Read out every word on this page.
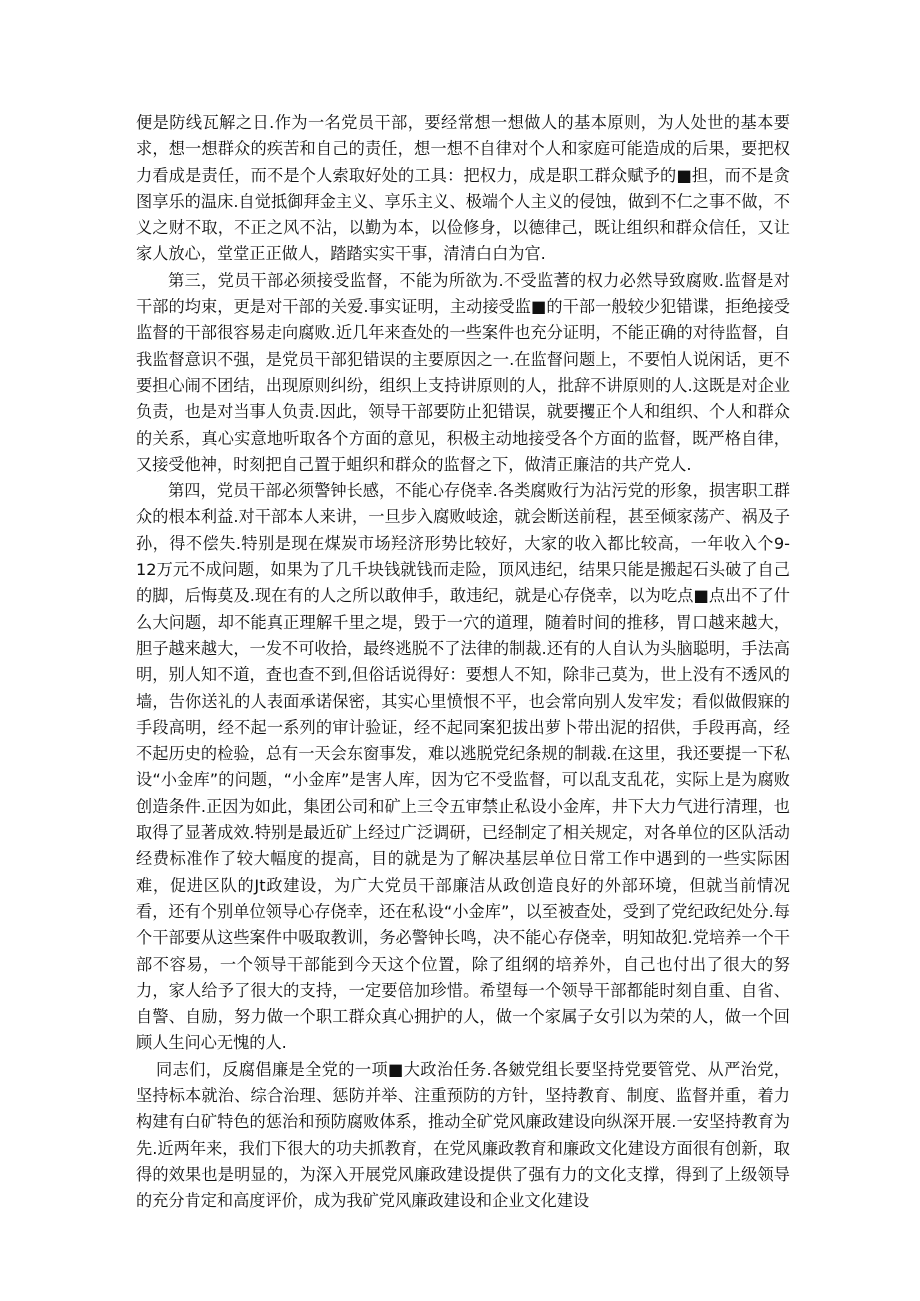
便是防线瓦解之日.作为一名党员干部，要经常想一想做人的基本原则，为人处世的基本要求，想一想群众的疾苦和自己的责任，想一想不自律对个人和家庭可能造成的后果，要把权力看成是责任，而不是个人索取好处的工具：把权力，成是职工群众赋予的■担，而不是贪图享乐的温床.自觉抵御拜金主义、享乐主义、极端个人主义的侵蚀，做到不仁之事不做，不义之财不取，不正之风不沾，以勤为本，以俭修身，以德律己，既让组织和群众信任，又让家人放心，堂堂正正做人，踏踏实实干事，清清白白为官.

第三，党员干部必须接受监督，不能为所欲为.不受监蓍的权力必然导致腐败.监督是对干部的均束，更是对干部的关爱.事实证明，主动接受监■的干部一般较少犯错谍，拒绝接受监督的干部很容易走向腐败.近几年来查处的一些案件也充分证明，不能正确的对待监督，自我监督意识不强，是党员干部犯错误的主要原因之一.在监督问题上，不要怕人说闲话，更不要担心闹不团结，出现原则纠纷，组织上支持讲原则的人，批辞不讲原则的人.这既是对企业负责，也是对当事人负责.因此，领导干部要防止犯错误，就要攫正个人和组织、个人和群众的关系，真心实意地听取各个方面的意见，积极主动地接受各个方面的监督，既严格自律，又接受他神，时刻把自己置于蛆织和群众的监督之下，做清正廉洁的共产党人.

第四，党员干部必须警钟长感，不能心存侥幸.各类腐败行为沾污党的形象，损害职工群众的根本利益.对干部本人来讲，一旦步入腐败岐途，就会断送前程，甚至倾家荡产、祸及子孙，得不偿失.特别是现在煤炭市场羟济形势比较好，大家的收入都比较高，一年收入个9-12万元不成问题，如果为了几千块钱就钱而走险，顶风违纪，结果只能是搬起石头破了自己的脚，后悔莫及.现在有的人之所以敢伸手，敢违纪，就是心存侥幸，以为吃点■点出不了什么大问题，却不能真正理解千里之堤，毁于一穴的道理，随着时间的推移，胃口越来越大，胆子越来越大，一发不可收拾，最终逃脱不了法律的制裁.还有的人自认为头脑聪明，手法高明，别人知不道，査也查不到,但俗话说得好：要想人不知，除非己莫为，世上没有不透风的墙，告你送礼的人表面承诺保密，其实心里愤恨不平，也会常向别人发牢发；看似做假寐的手段高明，经不起一系列的审计验证，经不起同案犯拔出萝卜带出泥的招供，手段再高，经不起历史的检验，总有一天会东窗事发，难以逃脱党纪条规的制裁.在这里，我还要提一下私设“小金库”的问题，“小金库”是害人库，因为它不受监督，可以乱支乱花，实际上是为腐败创造条件.正因为如此，集团公司和矿上三令五审禁止私设小金库，井下大力气进行清理，也取得了显著成效.特别是最近矿上经过广泛调研，已经制定了相关规定，对各单位的区队活动经费标准作了较大幅度的提高，目的就是为了解决基层单位日常工作中遇到的一些实际困难，促进区队的Jt政建设，为广大党员干部廉洁从政创造良好的外部环境，但就当前情况看，还有个别单位领导心存侥幸，还在私设“小金库”，以至被查处，受到了党纪政纪处分.每个干部要从这些案件中吸取教训，务必警钟长鸣，决不能心存侥幸，明知故犯.党培养一个干部不容易，一个领导干部能到今天这个位置，除了组纲的培养外，自己也付出了很大的努力，家人给予了很大的支持，一定要倍加珍惜。希望每一个领导干部都能时刻自重、自省、自警、自励，努力做一个职工群众真心拥护的人，做一个家属子女引以为荣的人，做一个回顾人生问心无愧的人.

同志们，反腐倡廉是全党的一项■大政治任务.各皴党组长要坚持党要管党、从严治党，坚持标本就治、综合治理、惩防并举、注重预防的方针，坚持教育、制度、监督并重，着力构建有白矿特色的惩治和预防腐败体系，推动全矿党风廉政建设向纵深开展.一安坚持教育为先.近两年来，我们下很大的功夫抓教育，在党风廉政教育和廉政文化建设方面很有创新，取得的效果也是明显的，为深入开展党风廉政建设提供了强有力的文化支撑，得到了上级领导的充分肯定和高度评价，成为我矿党风廉政建设和企业文化建设
